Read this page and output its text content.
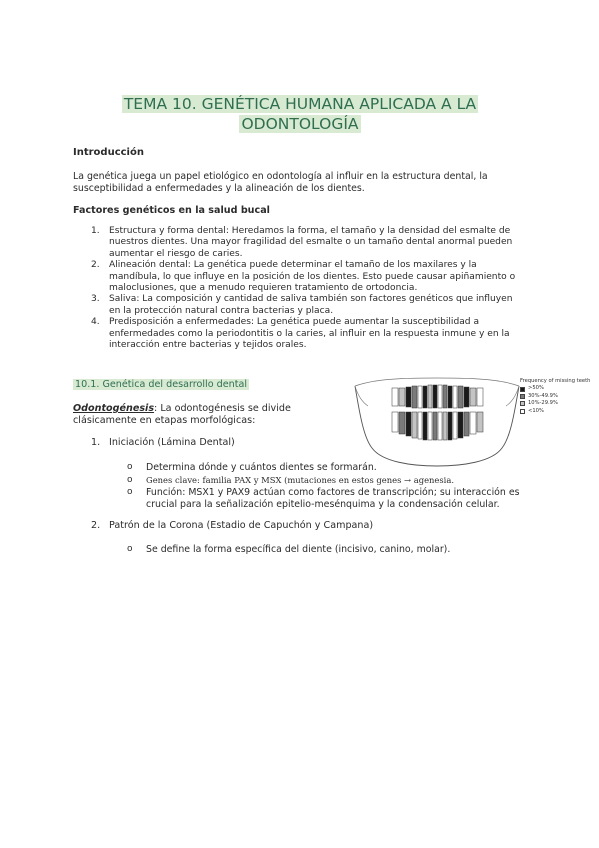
TEMA 10. GENÉTICA HUMANA APLICADA A LA
ODONTOLOGÍA
Introducción
La genética juega un papel etiológico en odontología al influir en la estructura dental, la susceptibilidad a enfermedades y la alineación de los dientes.
Factores genéticos en la salud bucal
1. Estructura y forma dental: Heredamos la forma, el tamaño y la densidad del esmalte de nuestros dientes. Una mayor fragilidad del esmalte o un tamaño dental anormal pueden aumentar el riesgo de caries.
2. Alineación dental: La genética puede determinar el tamaño de los maxilares y la mandíbula, lo que influye en la posición de los dientes. Esto puede causar apiñamiento o maloclusiones, que a menudo requieren tratamiento de ortodoncia.
3. Saliva: La composición y cantidad de saliva también son factores genéticos que influyen en la protección natural contra bacterias y placa.
4. Predisposición a enfermedades: La genética puede aumentar la susceptibilidad a enfermedades como la periodontitis o la caries, al influir en la respuesta inmune y en la interacción entre bacterias y tejidos orales.
10.1. Genética del desarrollo dental
Odontogénesis: La odontogénesis se divide clásicamente en etapas morfológicas:
Frequency of missing teeth
>50%
30%-49.9%
10%-29.9%
<10%
1. Iniciación (Lámina Dental)
o Determina dónde y cuántos dientes se formarán.
o Genes clave: familia PAX y MSX (mutaciones en estos genes → agenesia.
o Función: MSX1 y PAX9 actúan como factores de transcripción; su interacción es crucial para la señalización epitelio-mesénquima y la condensación celular.
2. Patrón de la Corona (Estadio de Capuchón y Campana)
o Se define la forma específica del diente (incisivo, canino, molar).
